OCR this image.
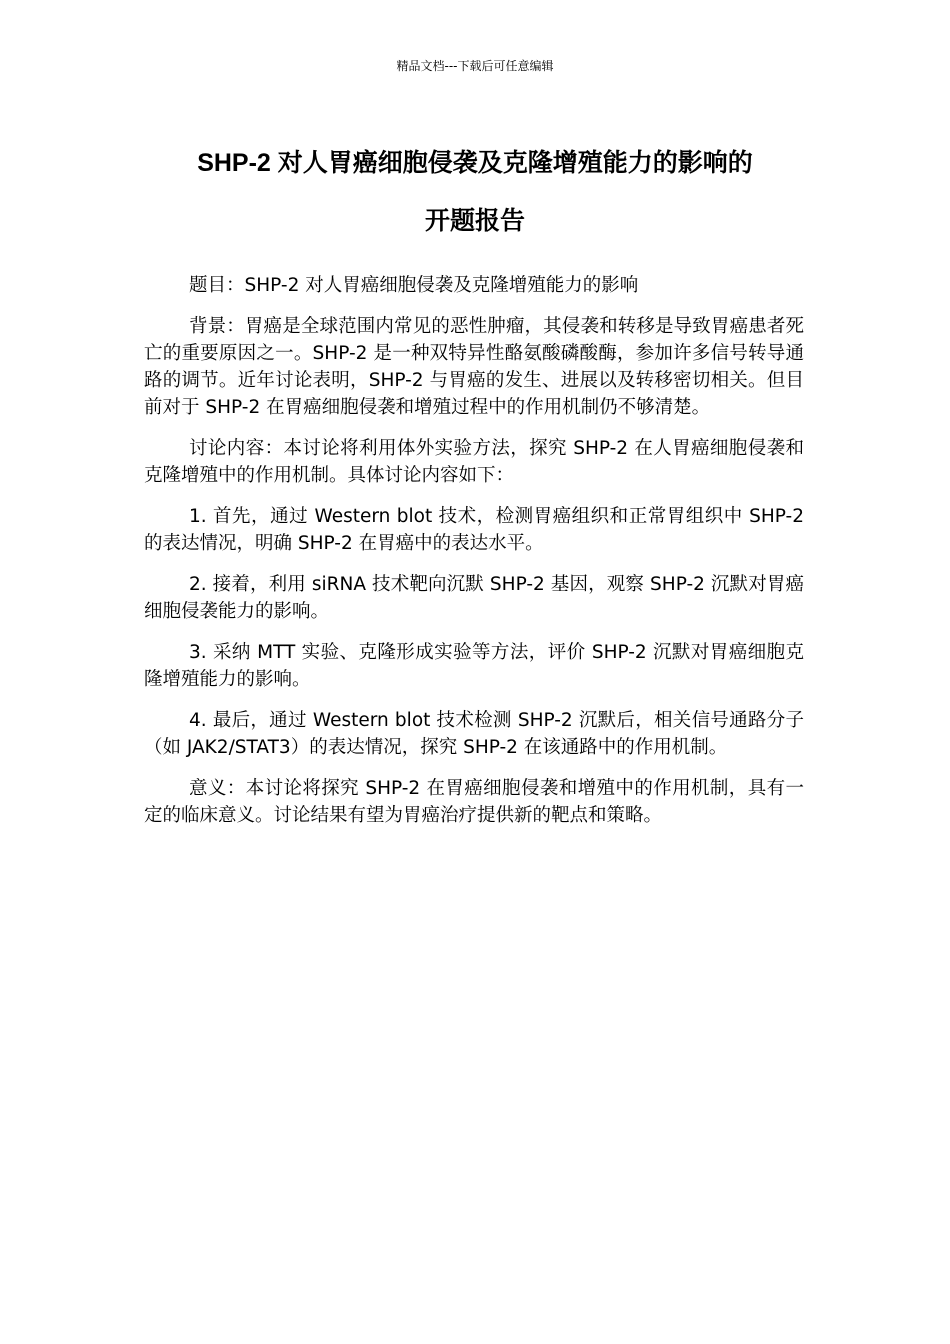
精品文档---下载后可任意编辑
SHP-2 对人胃癌细胞侵袭及克隆增殖能力的影响的
开题报告

题目：SHP-2 对人胃癌细胞侵袭及克隆增殖能力的影响

背景：胃癌是全球范围内常见的恶性肿瘤，其侵袭和转移是导致胃癌患者死亡的重要原因之一。SHP-2 是一种双特异性酪氨酸磷酸酶，参加许多信号转导通路的调节。近年讨论表明，SHP-2 与胃癌的发生、进展以及转移密切相关。但目前对于 SHP-2 在胃癌细胞侵袭和增殖过程中的作用机制仍不够清楚。

讨论内容：本讨论将利用体外实验方法，探究 SHP-2 在人胃癌细胞侵袭和克隆增殖中的作用机制。具体讨论内容如下：

1. 首先，通过 Western blot 技术，检测胃癌组织和正常胃组织中 SHP-2 的表达情况，明确 SHP-2 在胃癌中的表达水平。

2. 接着，利用 siRNA 技术靶向沉默 SHP-2 基因，观察 SHP-2 沉默对胃癌细胞侵袭能力的影响。

3. 采纳 MTT 实验、克隆形成实验等方法，评价 SHP-2 沉默对胃癌细胞克隆增殖能力的影响。

4. 最后，通过 Western blot 技术检测 SHP-2 沉默后，相关信号通路分子（如 JAK2/STAT3）的表达情况，探究 SHP-2 在该通路中的作用机制。

意义：本讨论将探究 SHP-2 在胃癌细胞侵袭和增殖中的作用机制，具有一定的临床意义。讨论结果有望为胃癌治疗提供新的靶点和策略。
